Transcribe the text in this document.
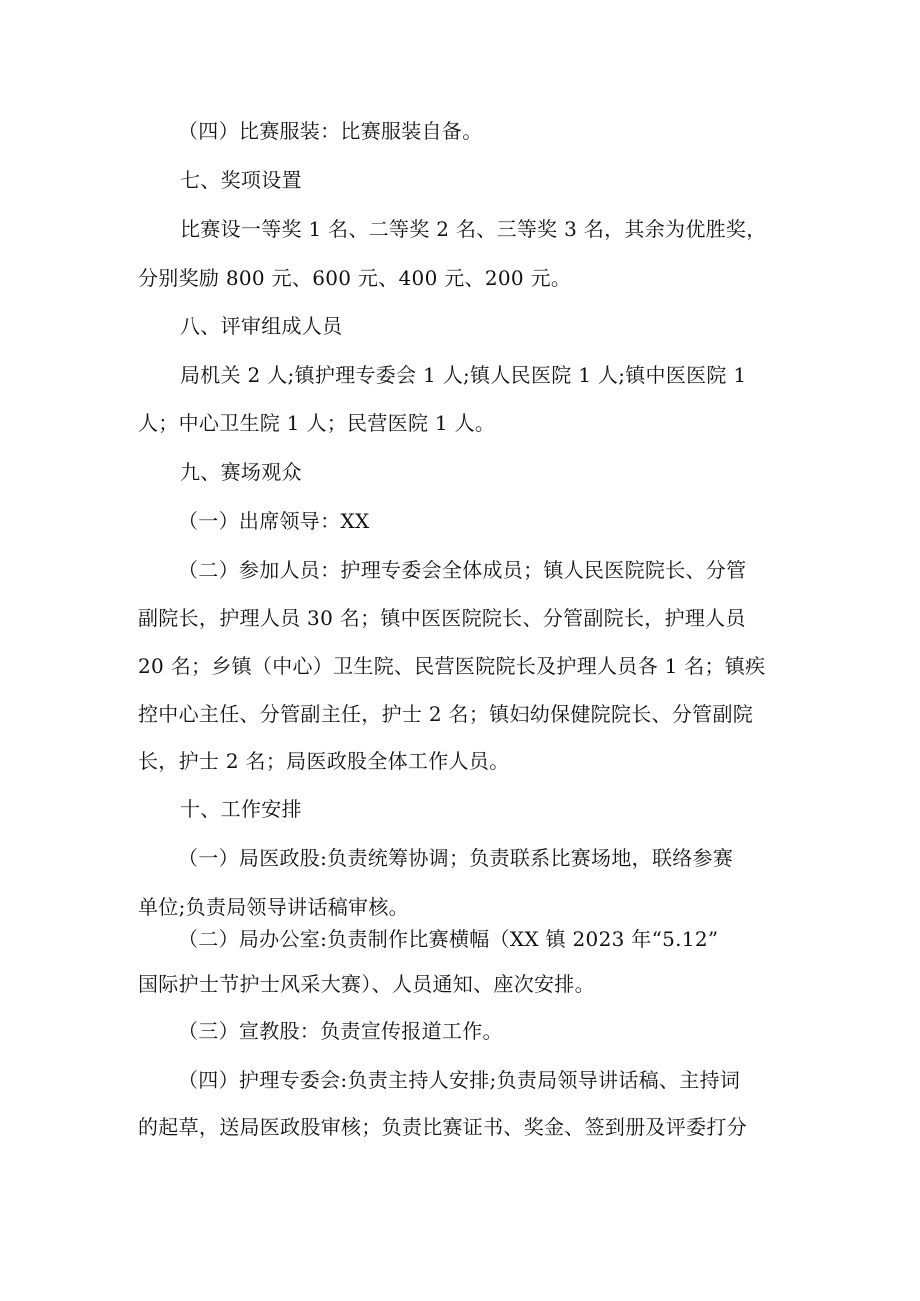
（四）比赛服装：比赛服装自备。
七、奖项设置
比赛设一等奖 1 名、二等奖 2 名、三等奖 3 名，其余为优胜奖，
分别奖励 800 元、600 元、400 元、200 元。
八、评审组成人员
局机关 2 人;镇护理专委会 1 人;镇人民医院 1 人;镇中医医院 1
人；中心卫生院 1 人；民营医院 1 人。
九、赛场观众
（一）出席领导：XX
（二）参加人员：护理专委会全体成员；镇人民医院院长、分管
副院长，护理人员 30 名；镇中医医院院长、分管副院长，护理人员
20 名；乡镇（中心）卫生院、民营医院院长及护理人员各 1 名；镇疾
控中心主任、分管副主任，护士 2 名；镇妇幼保健院院长、分管副院
长，护士 2 名；局医政股全体工作人员。
十、工作安排
（一）局医政股:负责统筹协调；负责联系比赛场地，联络参赛
单位;负责局领导讲话稿审核。
（二）局办公室:负责制作比赛横幅（XX 镇 2023 年“5.12”
国际护士节护士风采大赛）、人员通知、座次安排。
（三）宣教股：负责宣传报道工作。
（四）护理专委会:负责主持人安排;负责局领导讲话稿、主持词
的起草，送局医政股审核；负责比赛证书、奖金、签到册及评委打分
